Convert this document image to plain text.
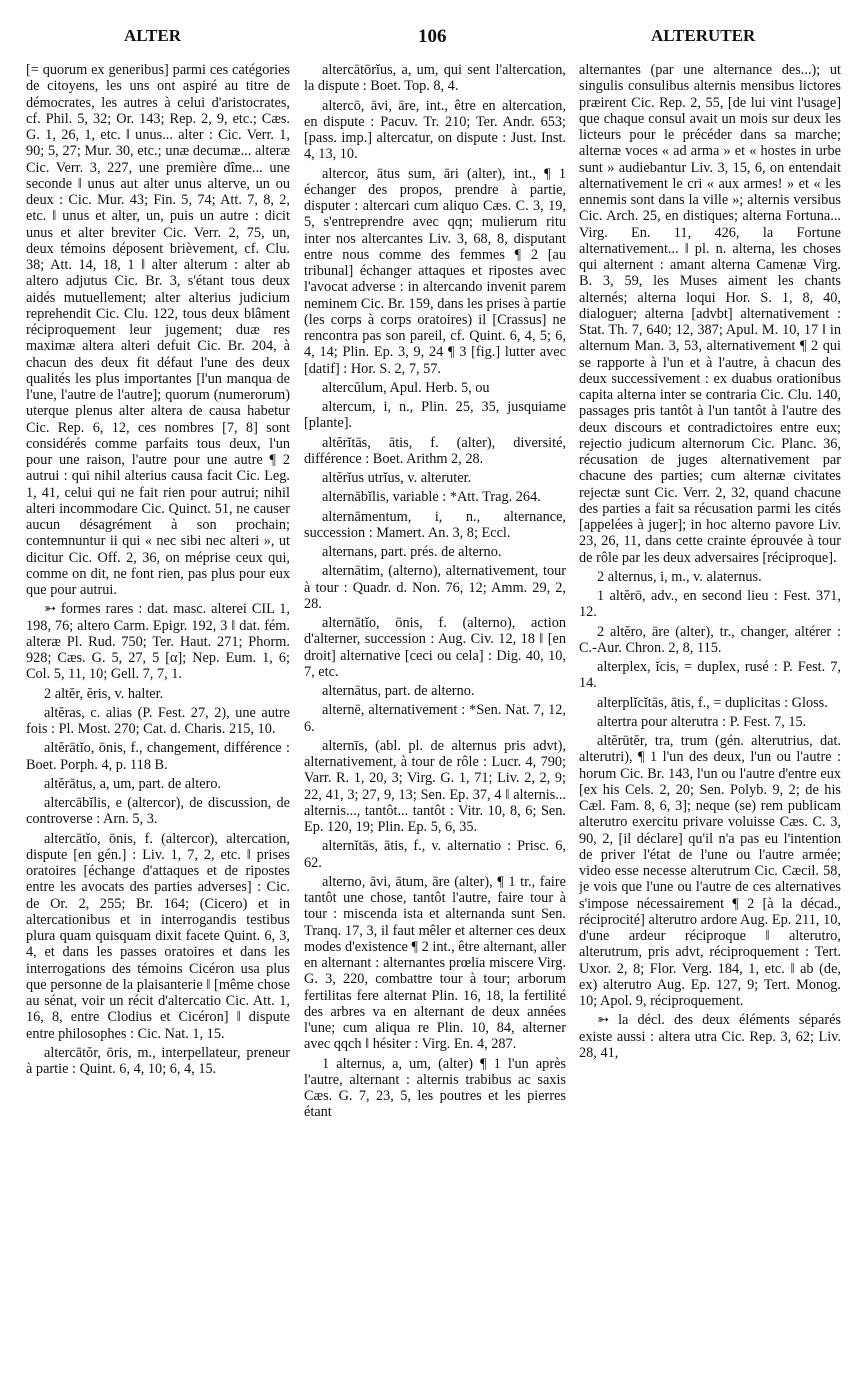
ALTER	106	ALTERUTER

[= quorum ex generibus] parmi ces catégories de citoyens, les uns ont aspiré au titre de démocrates, les autres à celui d'aristocrates, cf. Phil. 5, 32; Or. 143; Rep. 2, 9, etc.; Cæs. G. 1, 26, 1, etc. ‖ unus... alter : Cic. Verr. 1, 90; 5, 27; Mur. 30, etc.; unæ decumæ... alteræ Cic. Verr. 3, 227, une première dîme... une seconde ‖ unus aut alter unus alterve, un ou deux : Cic. Mur. 43; Fin. 5, 74; Att. 7, 8, 2, etc. ‖ unus et alter, un, puis un autre : dicit unus et alter breviter Cic. Verr. 2, 75, un, deux témoins déposent brièvement, cf. Clu. 38; Att. 14, 18, 1 ‖ alter alterum : alter ab altero adjutus Cic. Br. 3, s'étant tous deux aidés mutuellement; alter alterius judicium reprehendit Cic. Clu. 122, tous deux blâment réciproquement leur jugement; duæ res maximæ altera alteri defuit Cic. Br. 204, à chacun des deux fit défaut l'une des deux qualités les plus importantes [l'un manqua de l'une, l'autre de l'autre]; quorum (numerorum) uterque plenus alter altera de causa habetur Cic. Rep. 6, 12, ces nombres [7, 8] sont considérés comme parfaits tous deux, l'un pour une raison, l'autre pour une autre ¶ 2 autrui : qui nihil alterius causa facit Cic. Leg. 1, 41, celui qui ne fait rien pour autrui; nihil alteri incommodare Cic. Quinct. 51, ne causer aucun désagrément à son prochain; contemnuntur ii qui « nec sibi nec alteri », ut dicitur Cic. Off. 2, 36, on méprise ceux qui, comme on dit, ne font rien, pas plus pour eux que pour autrui.

➳ formes rares : dat. masc. alterei CIL 1, 198, 76; altero Carm. Epigr. 192, 3 ‖ dat. fém. alteræ Pl. Rud. 750; Ter. Haut. 271; Phorm. 928; Cæs. G. 5, 27, 5 [α]; Nep. Eum. 1, 6; Col. 5, 11, 10; Gell. 7, 7, 1.

2 altĕr, ĕris, v. halter.

altĕras, c. alias (P. Fest. 27, 2), une autre fois : Pl. Most. 270; Cat. d. Charis. 215, 10.

altĕrātĭo, ōnis, f., changement, différence : Boet. Porph. 4, p. 118 B.

altĕrātus, a, um, part. de altero.

altercābĭlis, e (altercor), de discussion, de controverse : Arn. 5, 3.

altercātĭo, ōnis, f. (altercor), altercation, dispute [en gén.] : Liv. 1, 7, 2, etc. ‖ prises oratoires [échange d'attaques et de ripostes entre les avocats des parties adverses] : Cic. de Or. 2, 255; Br. 164; (Cicero) et in altercationibus et in interrogandis testibus plura quam quisquam dixit facete Quint. 6, 3, 4, et dans les passes oratoires et dans les interrogations des témoins Cicéron usa plus que personne de la plaisanterie ‖ [même chose au sénat, voir un récit d'altercatio Cic. Att. 1, 16, 8, entre Clodius et Cicéron] ‖ dispute entre philosophes : Cic. Nat. 1, 15.

altercātŏr, ōris, m., interpellateur, preneur à partie : Quint. 6, 4, 10; 6, 4, 15.

altercātōrĭus, a, um, qui sent l'altercation, la dispute : Boet. Top. 8, 4.

altercō, āvi, āre, int., être en altercation, en dispute : Pacuv. Tr. 210; Ter. Andr. 653; [pass. imp.] altercatur, on dispute : Just. Inst. 4, 13, 10.

altercor, ātus sum, āri (alter), int., ¶ 1 échanger des propos, prendre à partie, disputer : altercari cum aliquo Cæs. C. 3, 19, 5, s'entreprendre avec qqn; mulierum ritu inter nos altercantes Liv. 3, 68, 8, disputant entre nous comme des femmes ¶ 2 [au tribunal] échanger attaques et ripostes avec l'avocat adverse : in altercando invenit parem neminem Cic. Br. 159, dans les prises à partie (les corps à corps oratoires) il [Crassus] ne rencontra pas son pareil, cf. Quint. 6, 4, 5; 6, 4, 14; Plin. Ep. 3, 9, 24 ¶ 3 [fig.] lutter avec [datif] : Hor. S. 2, 7, 57.

altercŭlum, Apul. Herb. 5, ou

altercum, i, n., Plin. 25, 35, jusquiame [plante].

altĕrĭtās, ātis, f. (alter), diversité, différence : Boet. Arithm 2, 28.

altĕrĭus utrĭus, v. alteruter.

alternābĭlis, variable : *Att. Trag. 264.

alternāmentum, i, n., alternance, succession : Mamert. An. 3, 8; Eccl.

alternans, part. prés. de alterno.

alternātim, (alterno), alternativement, tour à tour : Quadr. d. Non. 76, 12; Amm. 29, 2, 28.

alternātĭo, ōnis, f. (alterno), action d'alterner, succession : Aug. Civ. 12, 18 ‖ [en droit] alternative [ceci ou cela] : Dig. 40, 10, 7, etc.

alternātus, part. de alterno.

alternē, alternativement : *Sen. Nat. 7, 12, 6.

alternīs, (abl. pl. de alternus pris advt), alternativement, à tour de rôle : Lucr. 4, 790; Varr. R. 1, 20, 3; Virg. G. 1, 71; Liv. 2, 2, 9; 22, 41, 3; 27, 9, 13; Sen. Ep. 37, 4 ‖ alternis... alternis..., tantôt... tantôt : Vitr. 10, 8, 6; Sen. Ep. 120, 19; Plin. Ep. 5, 6, 35.

alternĭtās, ātis, f., v. alternatio : Prisc. 6, 62.

alterno, āvi, ātum, āre (alter), ¶ 1 tr., faire tantôt une chose, tantôt l'autre, faire tour à tour : miscenda ista et alternanda sunt Sen. Tranq. 17, 3, il faut mêler et alterner ces deux modes d'existence ¶ 2 int., être alternant, aller en alternant : alternantes prœlia miscere Virg. G. 3, 220, combattre tour à tour; arborum fertilitas fere alternat Plin. 16, 18, la fertilité des arbres va en alternant de deux années l'une; cum aliqua re Plin. 10, 84, alterner avec qqch ‖ hésiter : Virg. En. 4, 287.

1 alternus, a, um, (alter) ¶ 1 l'un après l'autre, alternant : alternis trabibus ac saxis Cæs. G. 7, 23, 5, les poutres et les pierres étant

alternantes (par une alternance des...); ut singulis consulibus alternis mensibus lictores præirent Cic. Rep. 2, 55, [de lui vint l'usage] que chaque consul avait un mois sur deux les licteurs pour le précéder dans sa marche; alternæ voces « ad arma » et « hostes in urbe sunt » audiebantur Liv. 3, 15, 6, on entendait alternativement le cri « aux armes! » et « les ennemis sont dans la ville »; alternis versibus Cic. Arch. 25, en distiques; alterna Fortuna... Virg. En. 11, 426, la Fortune alternativement... ‖ pl. n. alterna, les choses qui alternent : amant alterna Camenæ Virg. B. 3, 59, les Muses aiment les chants alternés; alterna loqui Hor. S. 1, 8, 40, dialoguer; alterna [advbt] alternativement : Stat. Th. 7, 640; 12, 387; Apul. M. 10, 17 ‖ in alternum Man. 3, 53, alternativement ¶ 2 qui se rapporte à l'un et à l'autre, à chacun des deux successivement : ex duabus orationibus capita alterna inter se contraria Cic. Clu. 140, passages pris tantôt à l'un tantôt à l'autre des deux discours et contradictoires entre eux; rejectio judicum alternorum Cic. Planc. 36, récusation de juges alternativement par chacune des parties; cum alternæ civitates rejectæ sunt Cic. Verr. 2, 32, quand chacune des parties a fait sa récusation parmi les cités [appelées à juger]; in hoc alterno pavore Liv. 23, 26, 11, dans cette crainte éprouvée à tour de rôle par les deux adversaires [réciproque].

2 alternus, i, m., v. alaternus.

1 altĕrō, adv., en second lieu : Fest. 371, 12.

2 altĕro, āre (alter), tr., changer, altérer : C.-Aur. Chron. 2, 8, 115.

alterplex, ĭcis, = duplex, rusé : P. Fest. 7, 14.

alterplĭcĭtās, ātis, f., = duplicitas : Gloss.

altertra pour alterutra : P. Fest. 7, 15.

altĕrūtĕr, tra, trum (gén. alterutrius, dat. alterutri), ¶ 1 l'un des deux, l'un ou l'autre : horum Cic. Br. 143, l'un ou l'autre d'entre eux [ex his Cels. 2, 20; Sen. Polyb. 9, 2; de his Cæl. Fam. 8, 6, 3]; neque (se) rem publicam alterutro exercitu privare voluisse Cæs. C. 3, 90, 2, [il déclare] qu'il n'a pas eu l'intention de priver l'état de l'une ou l'autre armée; video esse necesse alterutrum Cic. Cæcil. 58, je vois que l'une ou l'autre de ces alternatives s'impose nécessairement ¶ 2 [à la décad., réciprocité] alterutro ardore Aug. Ep. 211, 10, d'une ardeur réciproque ‖ alterutro, alterutrum, pris advt, réciproquement : Tert. Uxor. 2, 8; Flor. Verg. 184, 1, etc. ‖ ab (de, ex) alterutro Aug. Ep. 127, 9; Tert. Monog. 10; Apol. 9, réciproquement.

➳ la décl. des deux éléments séparés existe aussi : altera utra Cic. Rep. 3, 62; Liv. 28, 41,
